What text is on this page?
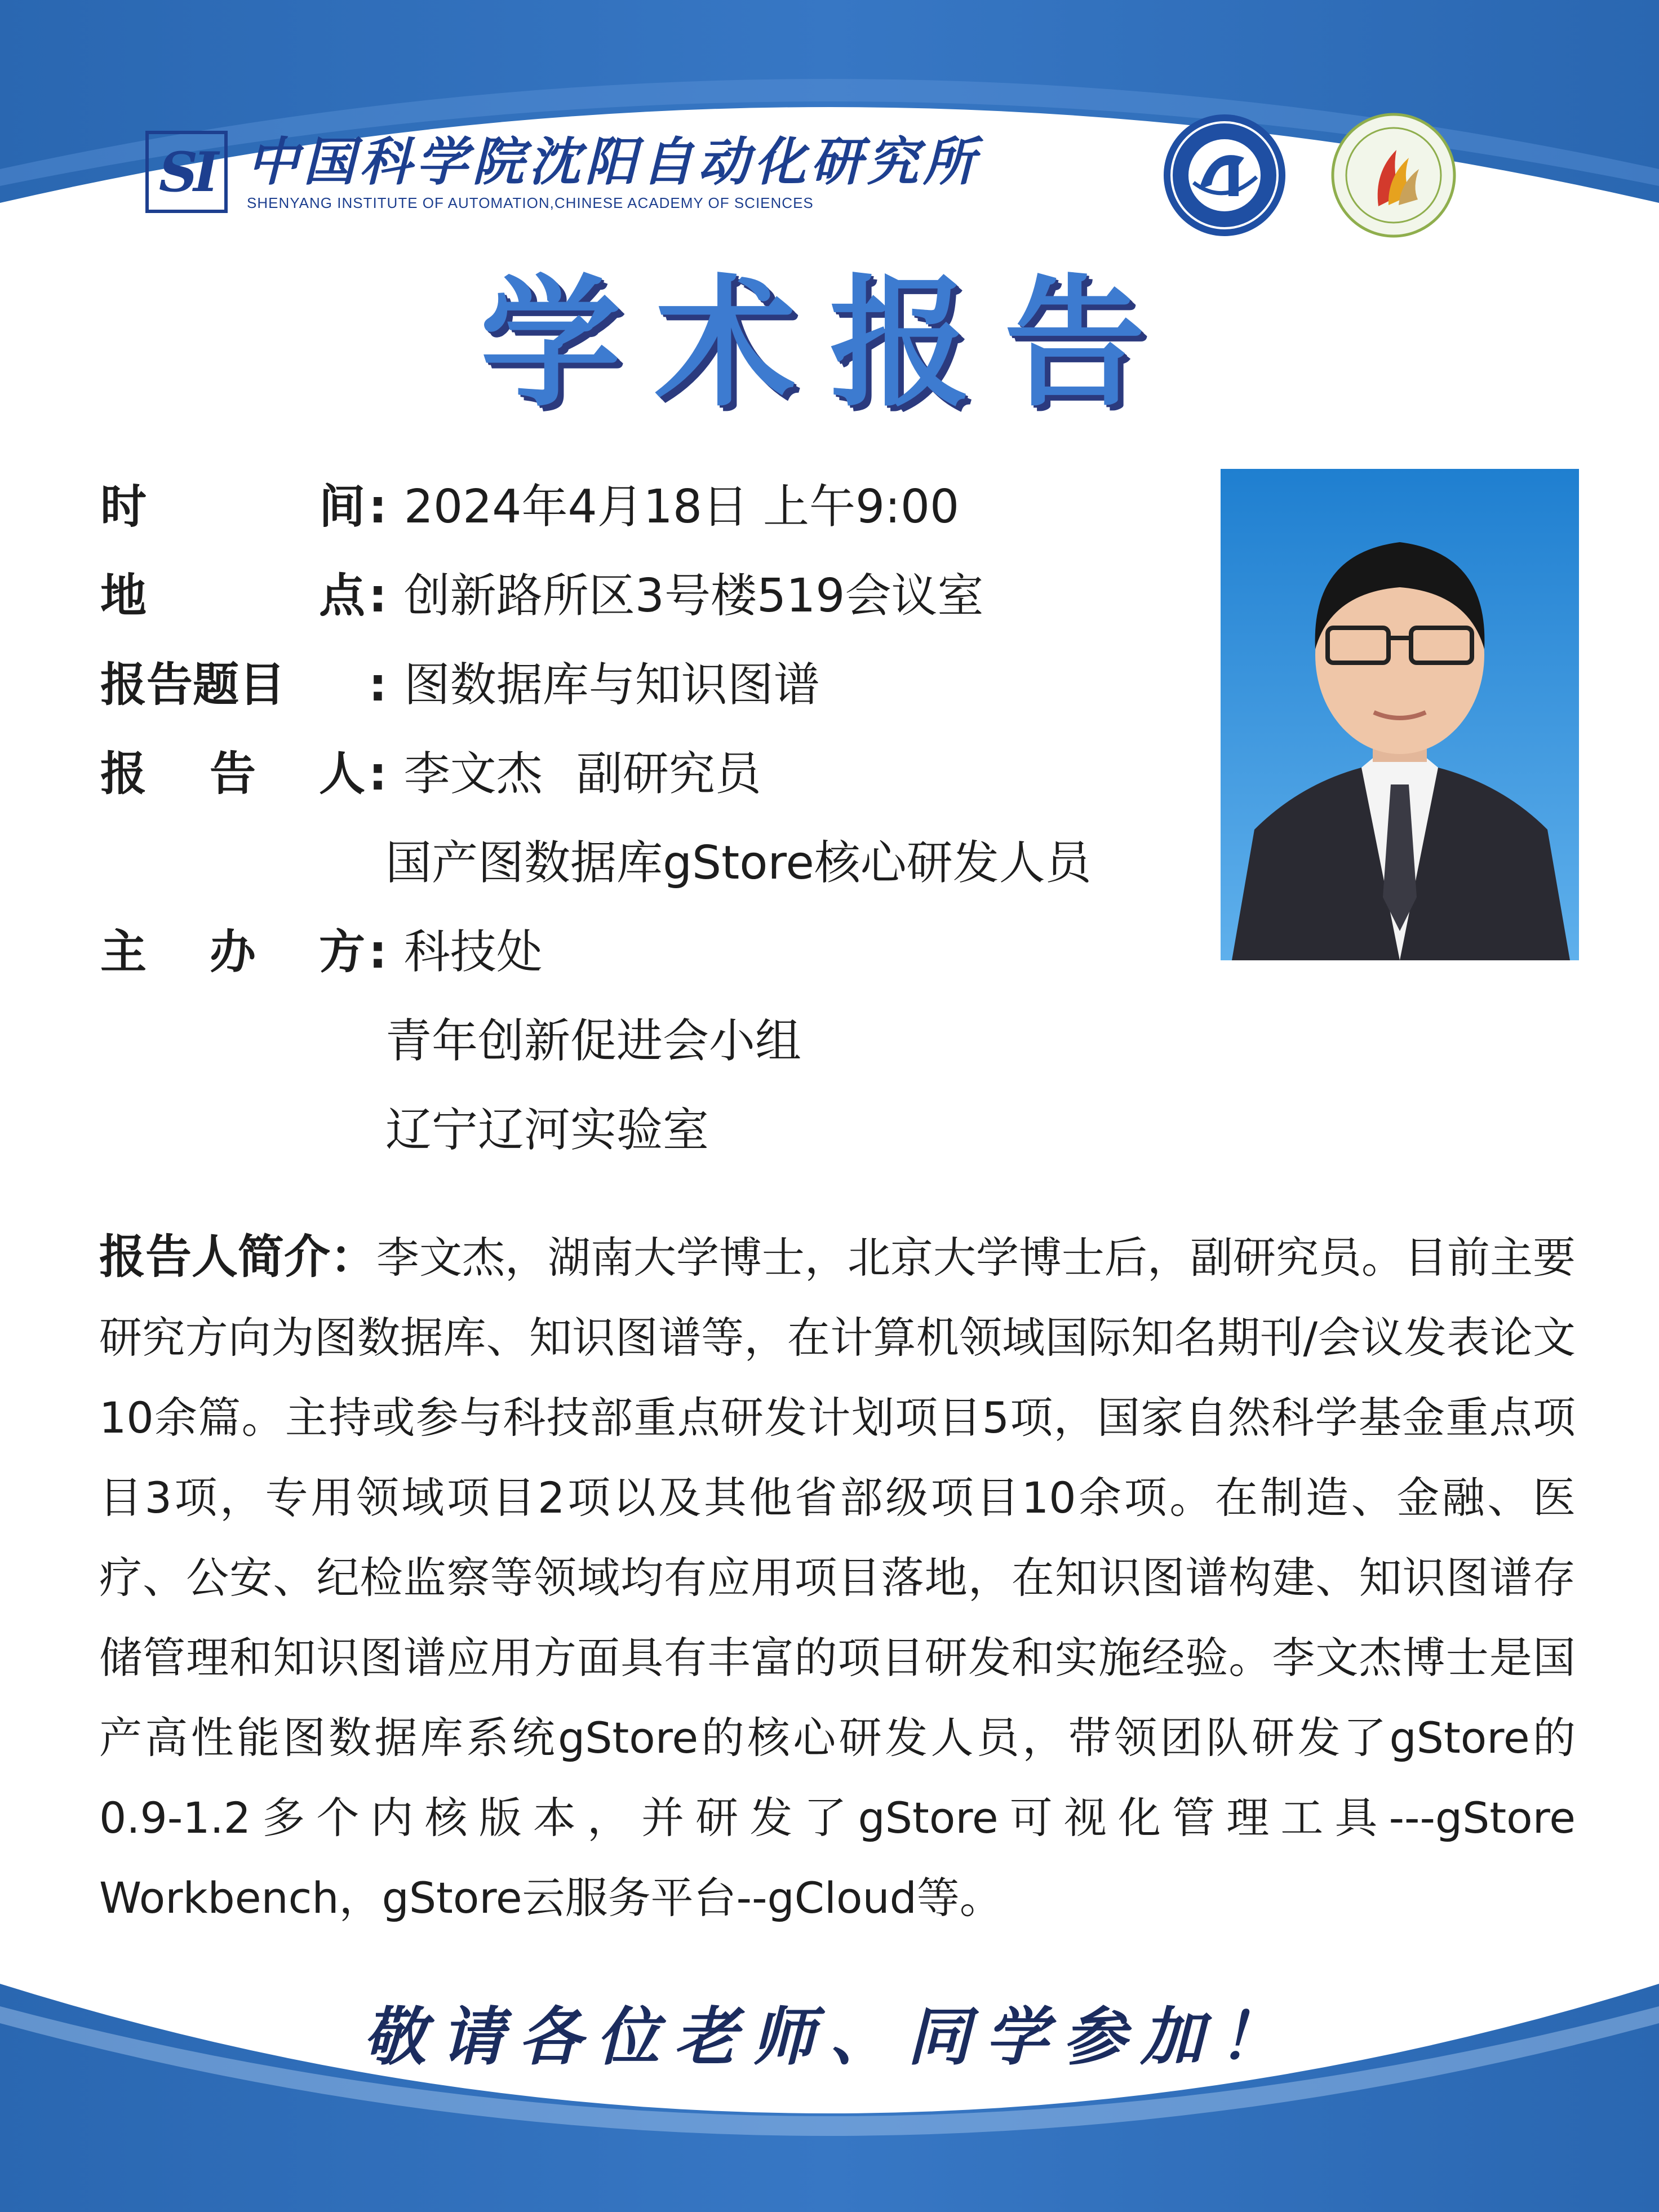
SI 中国科学院沈阳自动化研究所
SHENYANG INSTITUTE OF AUTOMATION,CHINESE ACADEMY OF SCIENCES
学术报告
时	间 : 2024年4月18日 上午9:00
地	点 : 创新路所区3号楼519会议室
报告题目 : 图数据库与知识图谱
报 告 人 : 李文杰 副研究员
国产图数据库gStore核心研发人员
主 办 方 : 科技处
青年创新促进会小组
辽宁辽河实验室
报告人简介：李文杰，湖南大学博士，北京大学博士后，副研究员。目前主要研究方向为图数据库、知识图谱等，在计算机领域国际知名期刊/会议发表论文10余篇。主持或参与科技部重点研发计划项目5项，国家自然科学基金重点项目3项，专用领域项目2项以及其他省部级项目10余项。在制造、金融、医疗、公安、纪检监察等领域均有应用项目落地，在知识图谱构建、知识图谱存储管理和知识图谱应用方面具有丰富的项目研发和实施经验。李文杰博士是国产高性能图数据库系统gStore的核心研发人员，带领团队研发了gStore的0.9-1.2多个内核版本，并研发了gStore可视化管理工具---gStore Workbench，gStore云服务平台--gCloud等。
敬请各位老师、同学参加！
